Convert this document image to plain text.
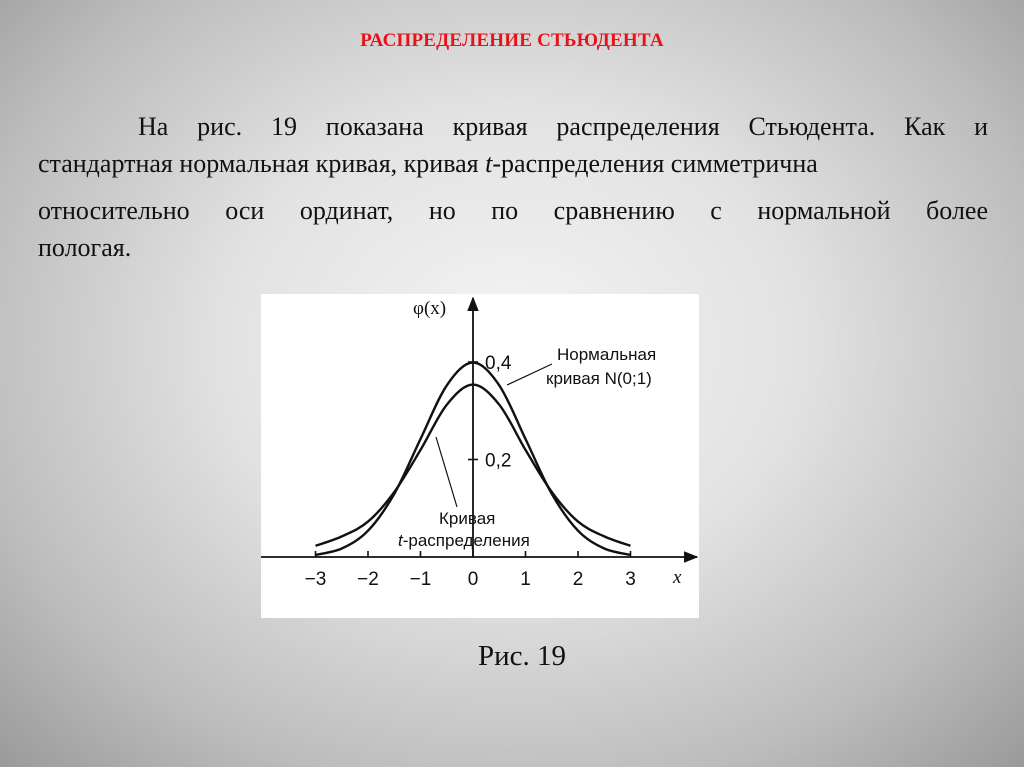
РАСПРЕДЕЛЕНИЕ СТЬЮДЕНТА
На рис. 19 показана кривая распределения Стьюдента. Как и
стандартная нормальная кривая, кривая t-распределения симметрична
относительно оси ординат, но по сравнению с нормальной более
пологая.
−3 −2 −1 0 1 2 3
0,2
0,4
φ(x)
x
Нормальная
кривая N(0;1)
Кривая
t-распределения
Рис. 19
